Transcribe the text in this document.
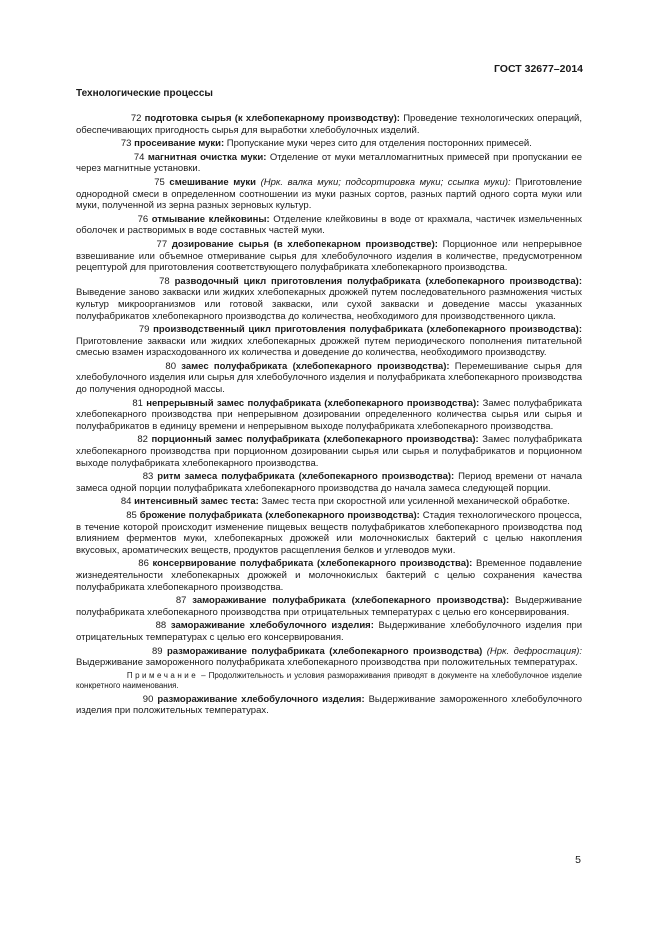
ГОСТ 32677–2014
Технологические процессы

72 подготовка сырья (к хлебопекарному производству): Проведение технологических операций, обеспечивающих пригодность сырья для выработки хлебобулочных изделий.

73 просеивание муки: Пропускание муки через сито для отделения посторонних примесей.

74 магнитная очистка муки: Отделение от муки металломагнитных примесей при пропускании ее через магнитные установки.

75 смешивание муки (Нрк. валка муки; подсортировка муки; ссыпка муки): Приготовление однородной смеси в определенном соотношении из муки разных сортов, разных партий одного сорта муки или муки, полученной из зерна разных зерновых культур.

76 отмывание клейковины: Отделение клейковины в воде от крахмала, частичек измельченных оболочек и растворимых в воде составных частей муки.

77 дозирование сырья (в хлебопекарном производстве): Порционное или непрерывное взвешивание или объемное отмеривание сырья для хлебобулочного изделия в количестве, предусмотренном рецептурой для приготовления соответствующего полуфабриката хлебопекарного производства.

78 разводочный цикл приготовления полуфабриката (хлебопекарного производства): Выведение заново закваски или жидких хлебопекарных дрожжей путем последовательного размножения чистых культур микроорганизмов или готовой закваски, или сухой закваски и доведение массы указанных полуфабрикатов хлебопекарного производства до количества, необходимого для производственного цикла.

79 производственный цикл приготовления полуфабриката (хлебопекарного производства): Приготовление закваски или жидких хлебопекарных дрожжей путем периодического пополнения питательной смесью взамен израсходованного их количества и доведение до количества, необходимого производству.

80 замес полуфабриката (хлебопекарного производства): Перемешивание сырья для хлебобулочного изделия или сырья для хлебобулочного изделия и полуфабриката хлебопекарного производства до получения однородной массы.

81 непрерывный замес полуфабриката (хлебопекарного производства): Замес полуфабриката хлебопекарного производства при непрерывном дозировании определенного количества сырья или сырья и полуфабрикатов в единицу времени и непрерывном выходе полуфабриката хлебопекарного производства.

82 порционный замес полуфабриката (хлебопекарного производства): Замес полуфабриката хлебопекарного производства при порционном дозировании сырья или сырья и полуфабрикатов и порционном выходе полуфабриката хлебопекарного производства.

83 ритм замеса полуфабриката (хлебопекарного производства): Период времени от начала замеса одной порции полуфабриката хлебопекарного производства до начала замеса следующей порции.

84 интенсивный замес теста: Замес теста при скоростной или усиленной механической обработке.

85 брожение полуфабриката (хлебопекарного производства): Стадия технологического процесса, в течение которой происходит изменение пищевых веществ полуфабрикатов хлебопекарного производства под влиянием ферментов муки, хлебопекарных дрожжей или молочнокислых бактерий с целью накопления вкусовых, ароматических веществ, продуктов расщепления белков и углеводов муки.

86 консервирование полуфабриката (хлебопекарного производства): Временное подавление жизнедеятельности хлебопекарных дрожжей и молочнокислых бактерий с целью сохранения качества полуфабриката хлебопекарного производства.

87 замораживание полуфабриката (хлебопекарного производства): Выдерживание полуфабриката хлебопекарного производства при отрицательных температурах с целью его консервирования.

88 замораживание хлебобулочного изделия: Выдерживание хлебобулочного изделия при отрицательных температурах с целью его консервирования.

89 размораживание полуфабриката (хлебопекарного производства) (Нрк. дефростация): Выдерживание замороженного полуфабриката хлебопекарного производства при положительных температурах.

Примечание – Продолжительность и условия размораживания приводят в документе на хлебобулочное изделие конкретного наименования.

90 размораживание хлебобулочного изделия: Выдерживание замороженного хлебобулочного изделия при положительных температурах.

5
